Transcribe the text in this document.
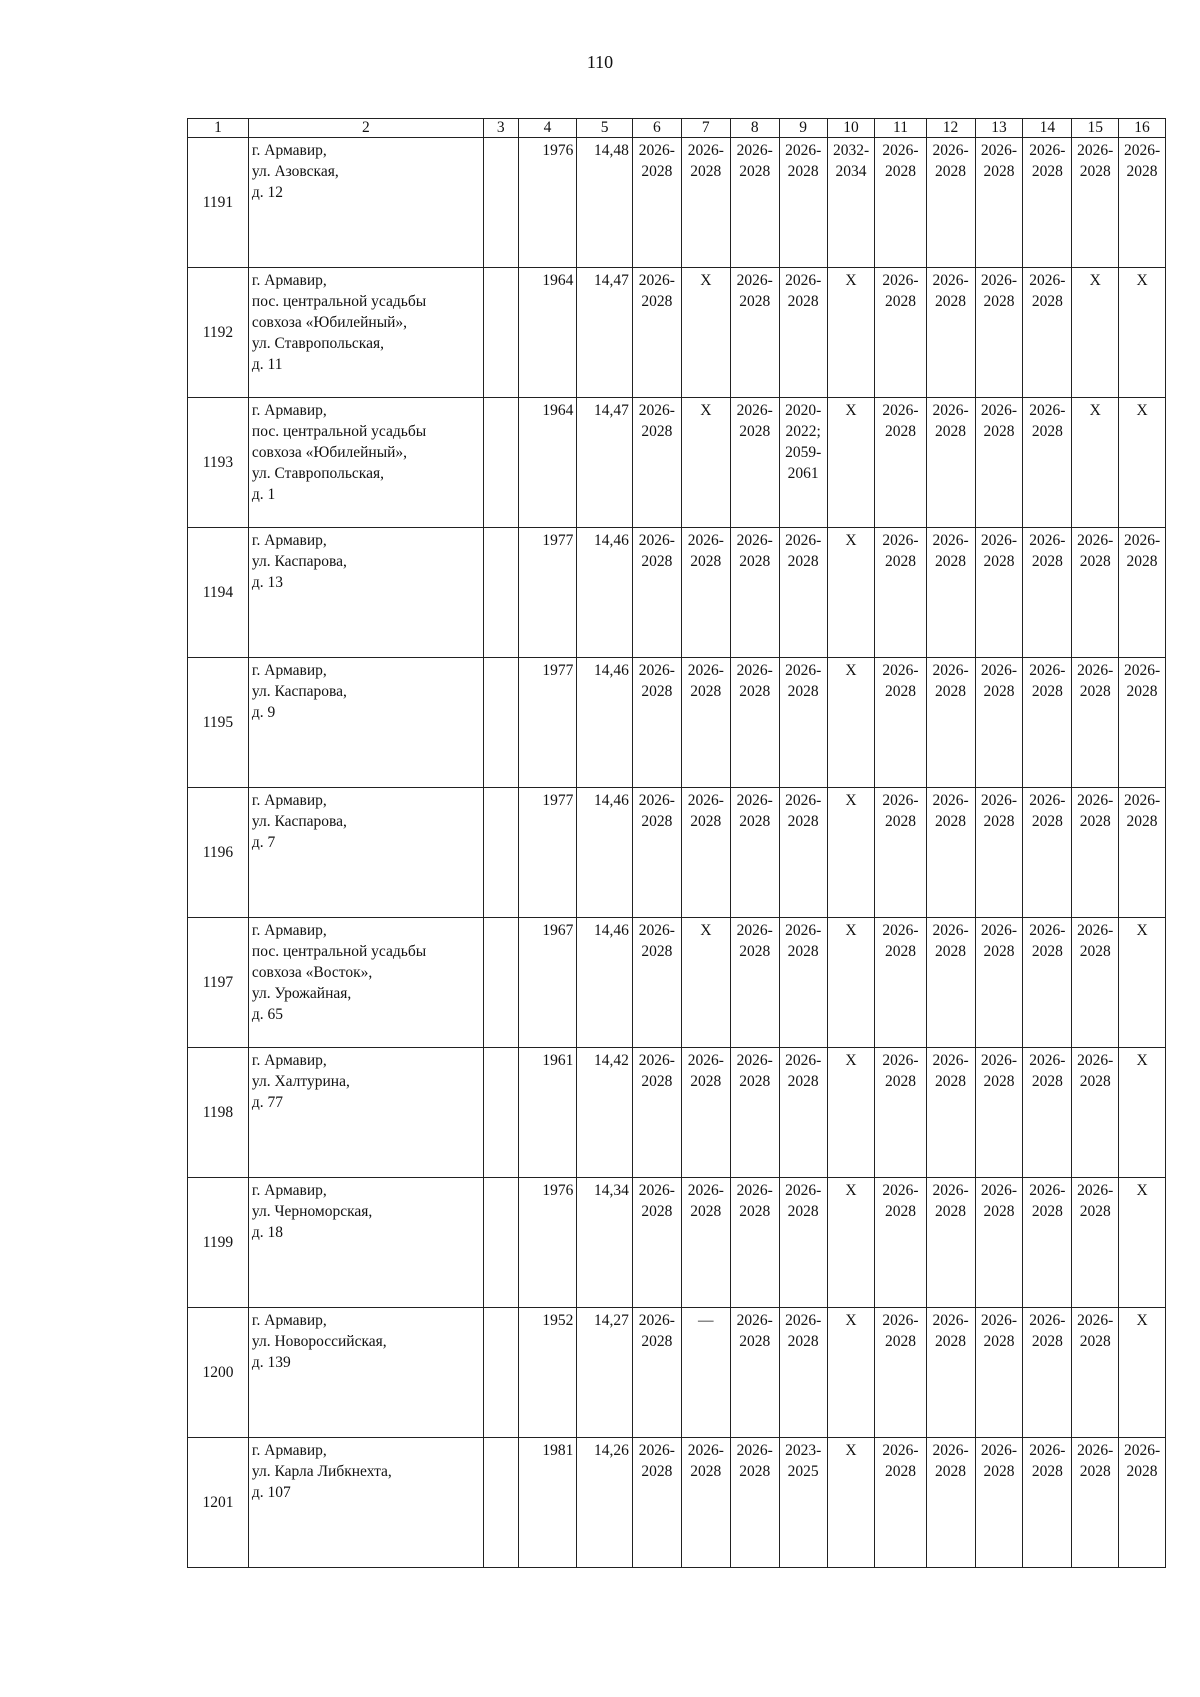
110
1	2	3	4	5	6	7	8	9	10	11	12	13	14	15	16
1191	г. Армавир,
ул. Азовская,
д. 12		1976	14,48	2026-
2028	2026-
2028	2026-
2028	2026-
2028	2032-
2034	2026-
2028	2026-
2028	2026-
2028	2026-
2028	2026-
2028	2026-
2028
1192	г. Армавир,
пос. центральной усадьбы
совхоза «Юбилейный»,
ул. Ставропольская,
д. 11		1964	14,47	2026-
2028	X	2026-
2028	2026-
2028	X	2026-
2028	2026-
2028	2026-
2028	2026-
2028	X	X
1193	г. Армавир,
пос. центральной усадьбы
совхоза «Юбилейный»,
ул. Ставропольская,
д. 1		1964	14,47	2026-
2028	X	2026-
2028	2020-
2022;
2059-
2061	X	2026-
2028	2026-
2028	2026-
2028	2026-
2028	X	X
1194	г. Армавир,
ул. Каспарова,
д. 13		1977	14,46	2026-
2028	2026-
2028	2026-
2028	2026-
2028	X	2026-
2028	2026-
2028	2026-
2028	2026-
2028	2026-
2028	2026-
2028
1195	г. Армавир,
ул. Каспарова,
д. 9		1977	14,46	2026-
2028	2026-
2028	2026-
2028	2026-
2028	X	2026-
2028	2026-
2028	2026-
2028	2026-
2028	2026-
2028	2026-
2028
1196	г. Армавир,
ул. Каспарова,
д. 7		1977	14,46	2026-
2028	2026-
2028	2026-
2028	2026-
2028	X	2026-
2028	2026-
2028	2026-
2028	2026-
2028	2026-
2028	2026-
2028
1197	г. Армавир,
пос. центральной усадьбы
совхоза «Восток»,
ул. Урожайная,
д. 65		1967	14,46	2026-
2028	X	2026-
2028	2026-
2028	X	2026-
2028	2026-
2028	2026-
2028	2026-
2028	2026-
2028	X
1198	г. Армавир,
ул. Халтурина,
д. 77		1961	14,42	2026-
2028	2026-
2028	2026-
2028	2026-
2028	X	2026-
2028	2026-
2028	2026-
2028	2026-
2028	2026-
2028	X
1199	г. Армавир,
ул. Черноморская,
д. 18		1976	14,34	2026-
2028	2026-
2028	2026-
2028	2026-
2028	X	2026-
2028	2026-
2028	2026-
2028	2026-
2028	2026-
2028	X
1200	г. Армавир,
ул. Новороссийская,
д. 139		1952	14,27	2026-
2028	—	2026-
2028	2026-
2028	X	2026-
2028	2026-
2028	2026-
2028	2026-
2028	2026-
2028	X
1201	г. Армавир,
ул. Карла Либкнехта,
д. 107		1981	14,26	2026-
2028	2026-
2028	2026-
2028	2023-
2025	X	2026-
2028	2026-
2028	2026-
2028	2026-
2028	2026-
2028	2026-
2028
